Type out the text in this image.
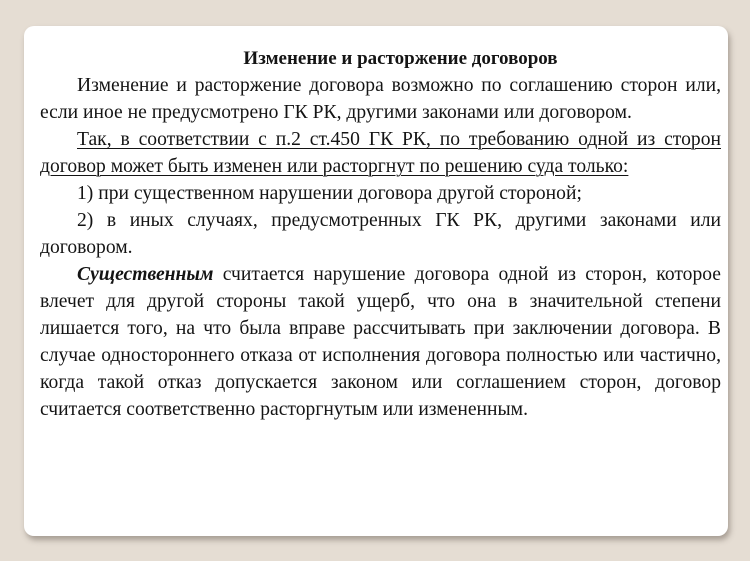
Изменение и расторжение договоров

Изменение и расторжение договора возможно по соглашению сторон или, если иное не предусмотрено ГК РК, другими законами или договором.

Так, в соответствии с п.2 ст.450 ГК РК, по требованию одной из сторон договор может быть изменен или расторгнут по решению суда только:

1) при существенном нарушении договора другой стороной;

2) в иных случаях, предусмотренных ГК РК, другими законами или договором.

Существенным считается нарушение договора одной из сторон, которое влечет для другой стороны такой ущерб, что она в значительной степени лишается того, на что была вправе рассчитывать при заключении договора. В случае одностороннего отказа от исполнения договора полностью или частично, когда такой отказ допускается законом или соглашением сторон, договор считается соответственно расторгнутым или измененным.
